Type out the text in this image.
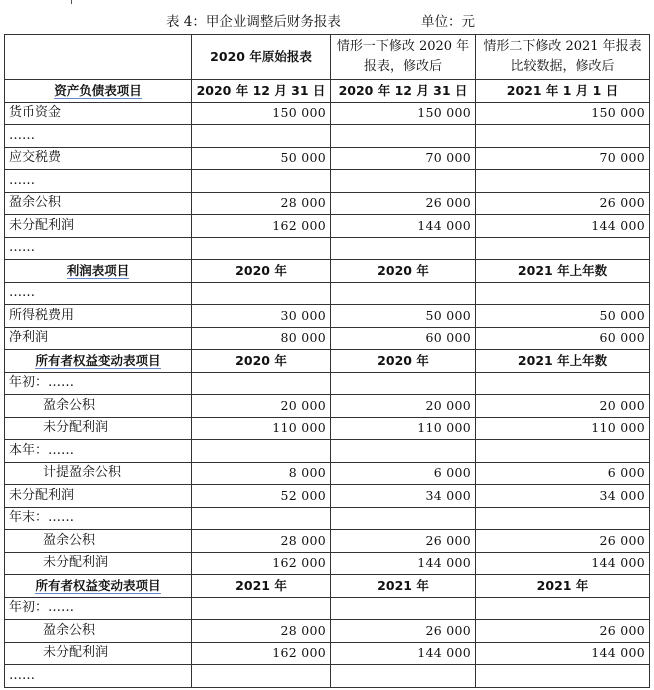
表 4：甲企业调整后财务报表	单位：元
	2020 年原始报表	情形一下修改 2020 年报表，修改后	情形二下修改 2021 年报表比较数据，修改后
资产负债表项目	2020 年 12 月 31 日	2020 年 12 月 31 日	2021 年 1 月 1 日
货币资金	150 000	150 000	150 000
……			
应交税费	50 000	70 000	70 000
……			
盈余公积	28 000	26 000	26 000
未分配利润	162 000	144 000	144 000
……			
利润表项目	2020 年	2020 年	2021 年上年数
……			
所得税费用	30 000	50 000	50 000
净利润	80 000	60 000	60 000
所有者权益变动表项目	2020 年	2020 年	2021 年上年数
年初：……			
盈余公积	20 000	20 000	20 000
未分配利润	110 000	110 000	110 000
本年：……			
计提盈余公积	8 000	6 000	6 000
未分配利润	52 000	34 000	34 000
年末：……			
盈余公积	28 000	26 000	26 000
未分配利润	162 000	144 000	144 000
所有者权益变动表项目	2021 年	2021 年	2021 年
年初：……			
盈余公积	28 000	26 000	26 000
未分配利润	162 000	144 000	144 000
……			
